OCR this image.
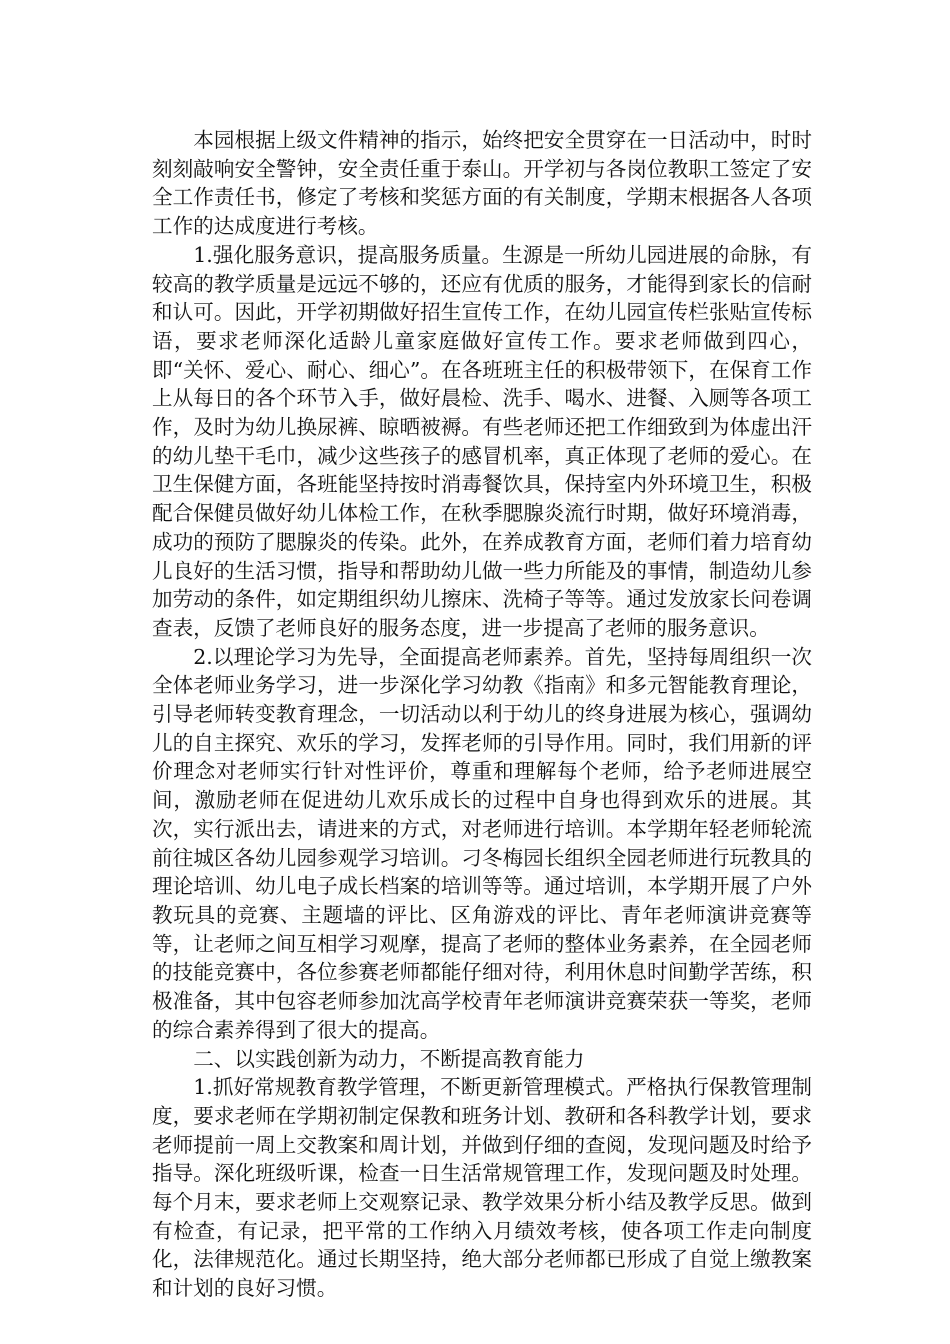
本园根据上级文件精神的指示，始终把安全贯穿在一日活动中，时时刻刻敲响安全警钟，安全责任重于泰山。开学初与各岗位教职工签定了安全工作责任书，修定了考核和奖惩方面的有关制度，学期末根据各人各项工作的达成度进行考核。

1.强化服务意识，提高服务质量。生源是一所幼儿园进展的命脉，有较高的教学质量是远远不够的，还应有优质的服务，才能得到家长的信耐和认可。因此，开学初期做好招生宣传工作，在幼儿园宣传栏张贴宣传标语，要求老师深化适龄儿童家庭做好宣传工作。要求老师做到四心，即“关怀、爱心、耐心、细心”。在各班班主任的积极带领下，在保育工作上从每日的各个环节入手，做好晨检、洗手、喝水、进餐、入厕等各项工作，及时为幼儿换尿裤、晾晒被褥。有些老师还把工作细致到为体虚出汗的幼儿垫干毛巾，减少这些孩子的感冒机率，真正体现了老师的爱心。在卫生保健方面，各班能坚持按时消毒餐饮具，保持室内外环境卫生，积极配合保健员做好幼儿体检工作，在秋季腮腺炎流行时期，做好环境消毒，成功的预防了腮腺炎的传染。此外，在养成教育方面，老师们着力培育幼儿良好的生活习惯，指导和帮助幼儿做一些力所能及的事情，制造幼儿参加劳动的条件，如定期组织幼儿擦床、洗椅子等等。通过发放家长问卷调查表，反馈了老师良好的服务态度，进一步提高了老师的服务意识。

2.以理论学习为先导，全面提高老师素养。首先，坚持每周组织一次全体老师业务学习，进一步深化学习幼教《指南》和多元智能教育理论，引导老师转变教育理念，一切活动以利于幼儿的终身进展为核心，强调幼儿的自主探究、欢乐的学习，发挥老师的引导作用。同时，我们用新的评价理念对老师实行针对性评价，尊重和理解每个老师，给予老师进展空间，激励老师在促进幼儿欢乐成长的过程中自身也得到欢乐的进展。其次，实行派出去，请进来的方式，对老师进行培训。本学期年轻老师轮流前往城区各幼儿园参观学习培训。刁冬梅园长组织全园老师进行玩教具的理论培训、幼儿电子成长档案的培训等等。通过培训，本学期开展了户外教玩具的竞赛、主题墙的评比、区角游戏的评比、青年老师演讲竞赛等等，让老师之间互相学习观摩，提高了老师的整体业务素养，在全园老师的技能竞赛中，各位参赛老师都能仔细对待，利用休息时间勤学苦练，积极准备，其中包容老师参加沈高学校青年老师演讲竞赛荣获一等奖，老师的综合素养得到了很大的提高。

二、以实践创新为动力，不断提高教育能力

1.抓好常规教育教学管理，不断更新管理模式。严格执行保教管理制度，要求老师在学期初制定保教和班务计划、教研和各科教学计划，要求老师提前一周上交教案和周计划，并做到仔细的查阅，发现问题及时给予指导。深化班级听课，检查一日生活常规管理工作，发现问题及时处理。每个月末，要求老师上交观察记录、教学效果分析小结及教学反思。做到有检查，有记录，把平常的工作纳入月绩效考核，使各项工作走向制度化，法律规范化。通过长期坚持，绝大部分老师都已形成了自觉上缴教案和计划的良好习惯。
